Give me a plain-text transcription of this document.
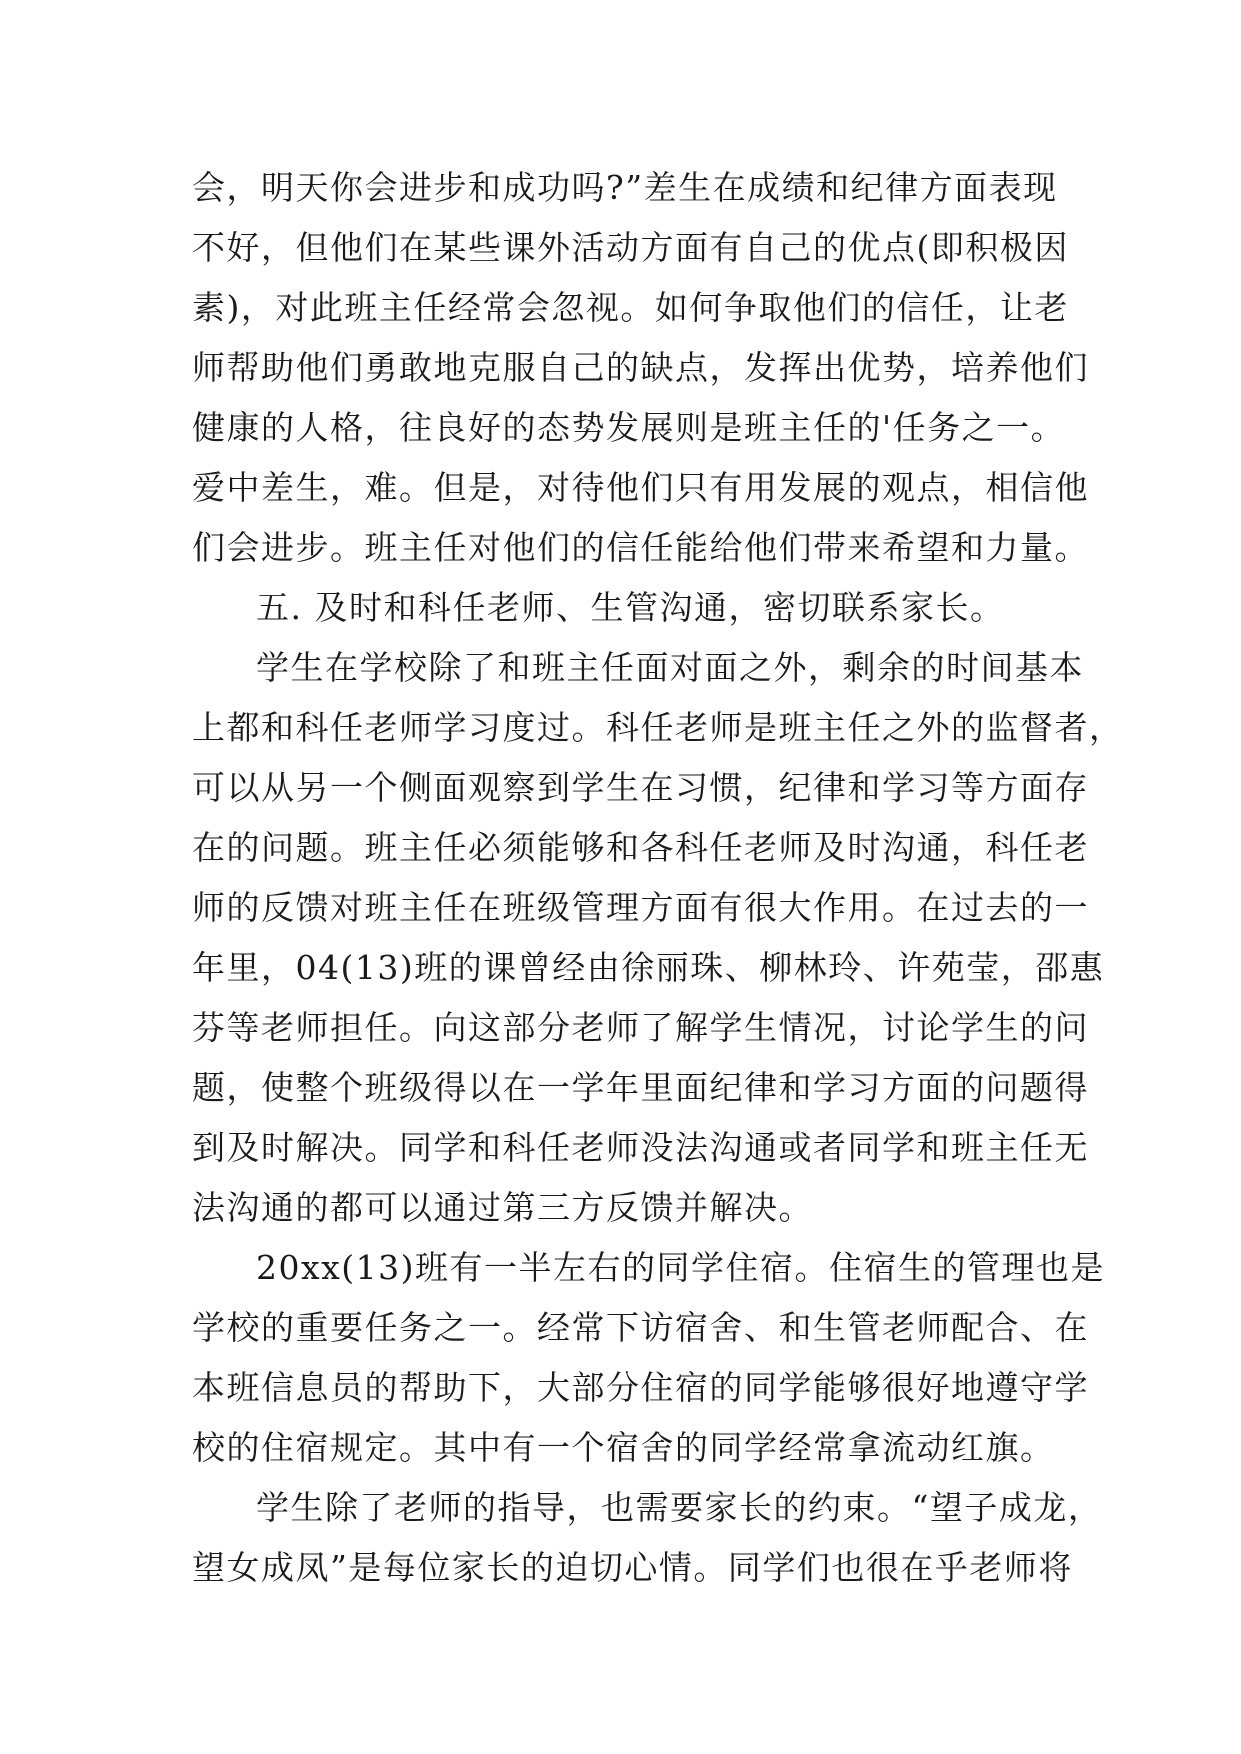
会，明天你会进步和成功吗?”差生在成绩和纪律方面表现
不好，但他们在某些课外活动方面有自己的优点(即积极因
素)，对此班主任经常会忽视。如何争取他们的信任，让老
师帮助他们勇敢地克服自己的缺点，发挥出优势，培养他们
健康的人格，往良好的态势发展则是班主任的'任务之一。
爱中差生，难。但是，对待他们只有用发展的观点，相信他
们会进步。班主任对他们的信任能给他们带来希望和力量。
五. 及时和科任老师、生管沟通，密切联系家长。
学生在学校除了和班主任面对面之外，剩余的时间基本
上都和科任老师学习度过。科任老师是班主任之外的监督者，
可以从另一个侧面观察到学生在习惯，纪律和学习等方面存
在的问题。班主任必须能够和各科任老师及时沟通，科任老
师的反馈对班主任在班级管理方面有很大作用。在过去的一
年里，04(13)班的课曾经由徐丽珠、柳林玲、许苑莹，邵惠
芬等老师担任。向这部分老师了解学生情况，讨论学生的问
题，使整个班级得以在一学年里面纪律和学习方面的问题得
到及时解决。同学和科任老师没法沟通或者同学和班主任无
法沟通的都可以通过第三方反馈并解决。
20xx(13)班有一半左右的同学住宿。住宿生的管理也是
学校的重要任务之一。经常下访宿舍、和生管老师配合、在
本班信息员的帮助下，大部分住宿的同学能够很好地遵守学
校的住宿规定。其中有一个宿舍的同学经常拿流动红旗。
学生除了老师的指导，也需要家长的约束。“望子成龙，
望女成凤”是每位家长的迫切心情。同学们也很在乎老师将
